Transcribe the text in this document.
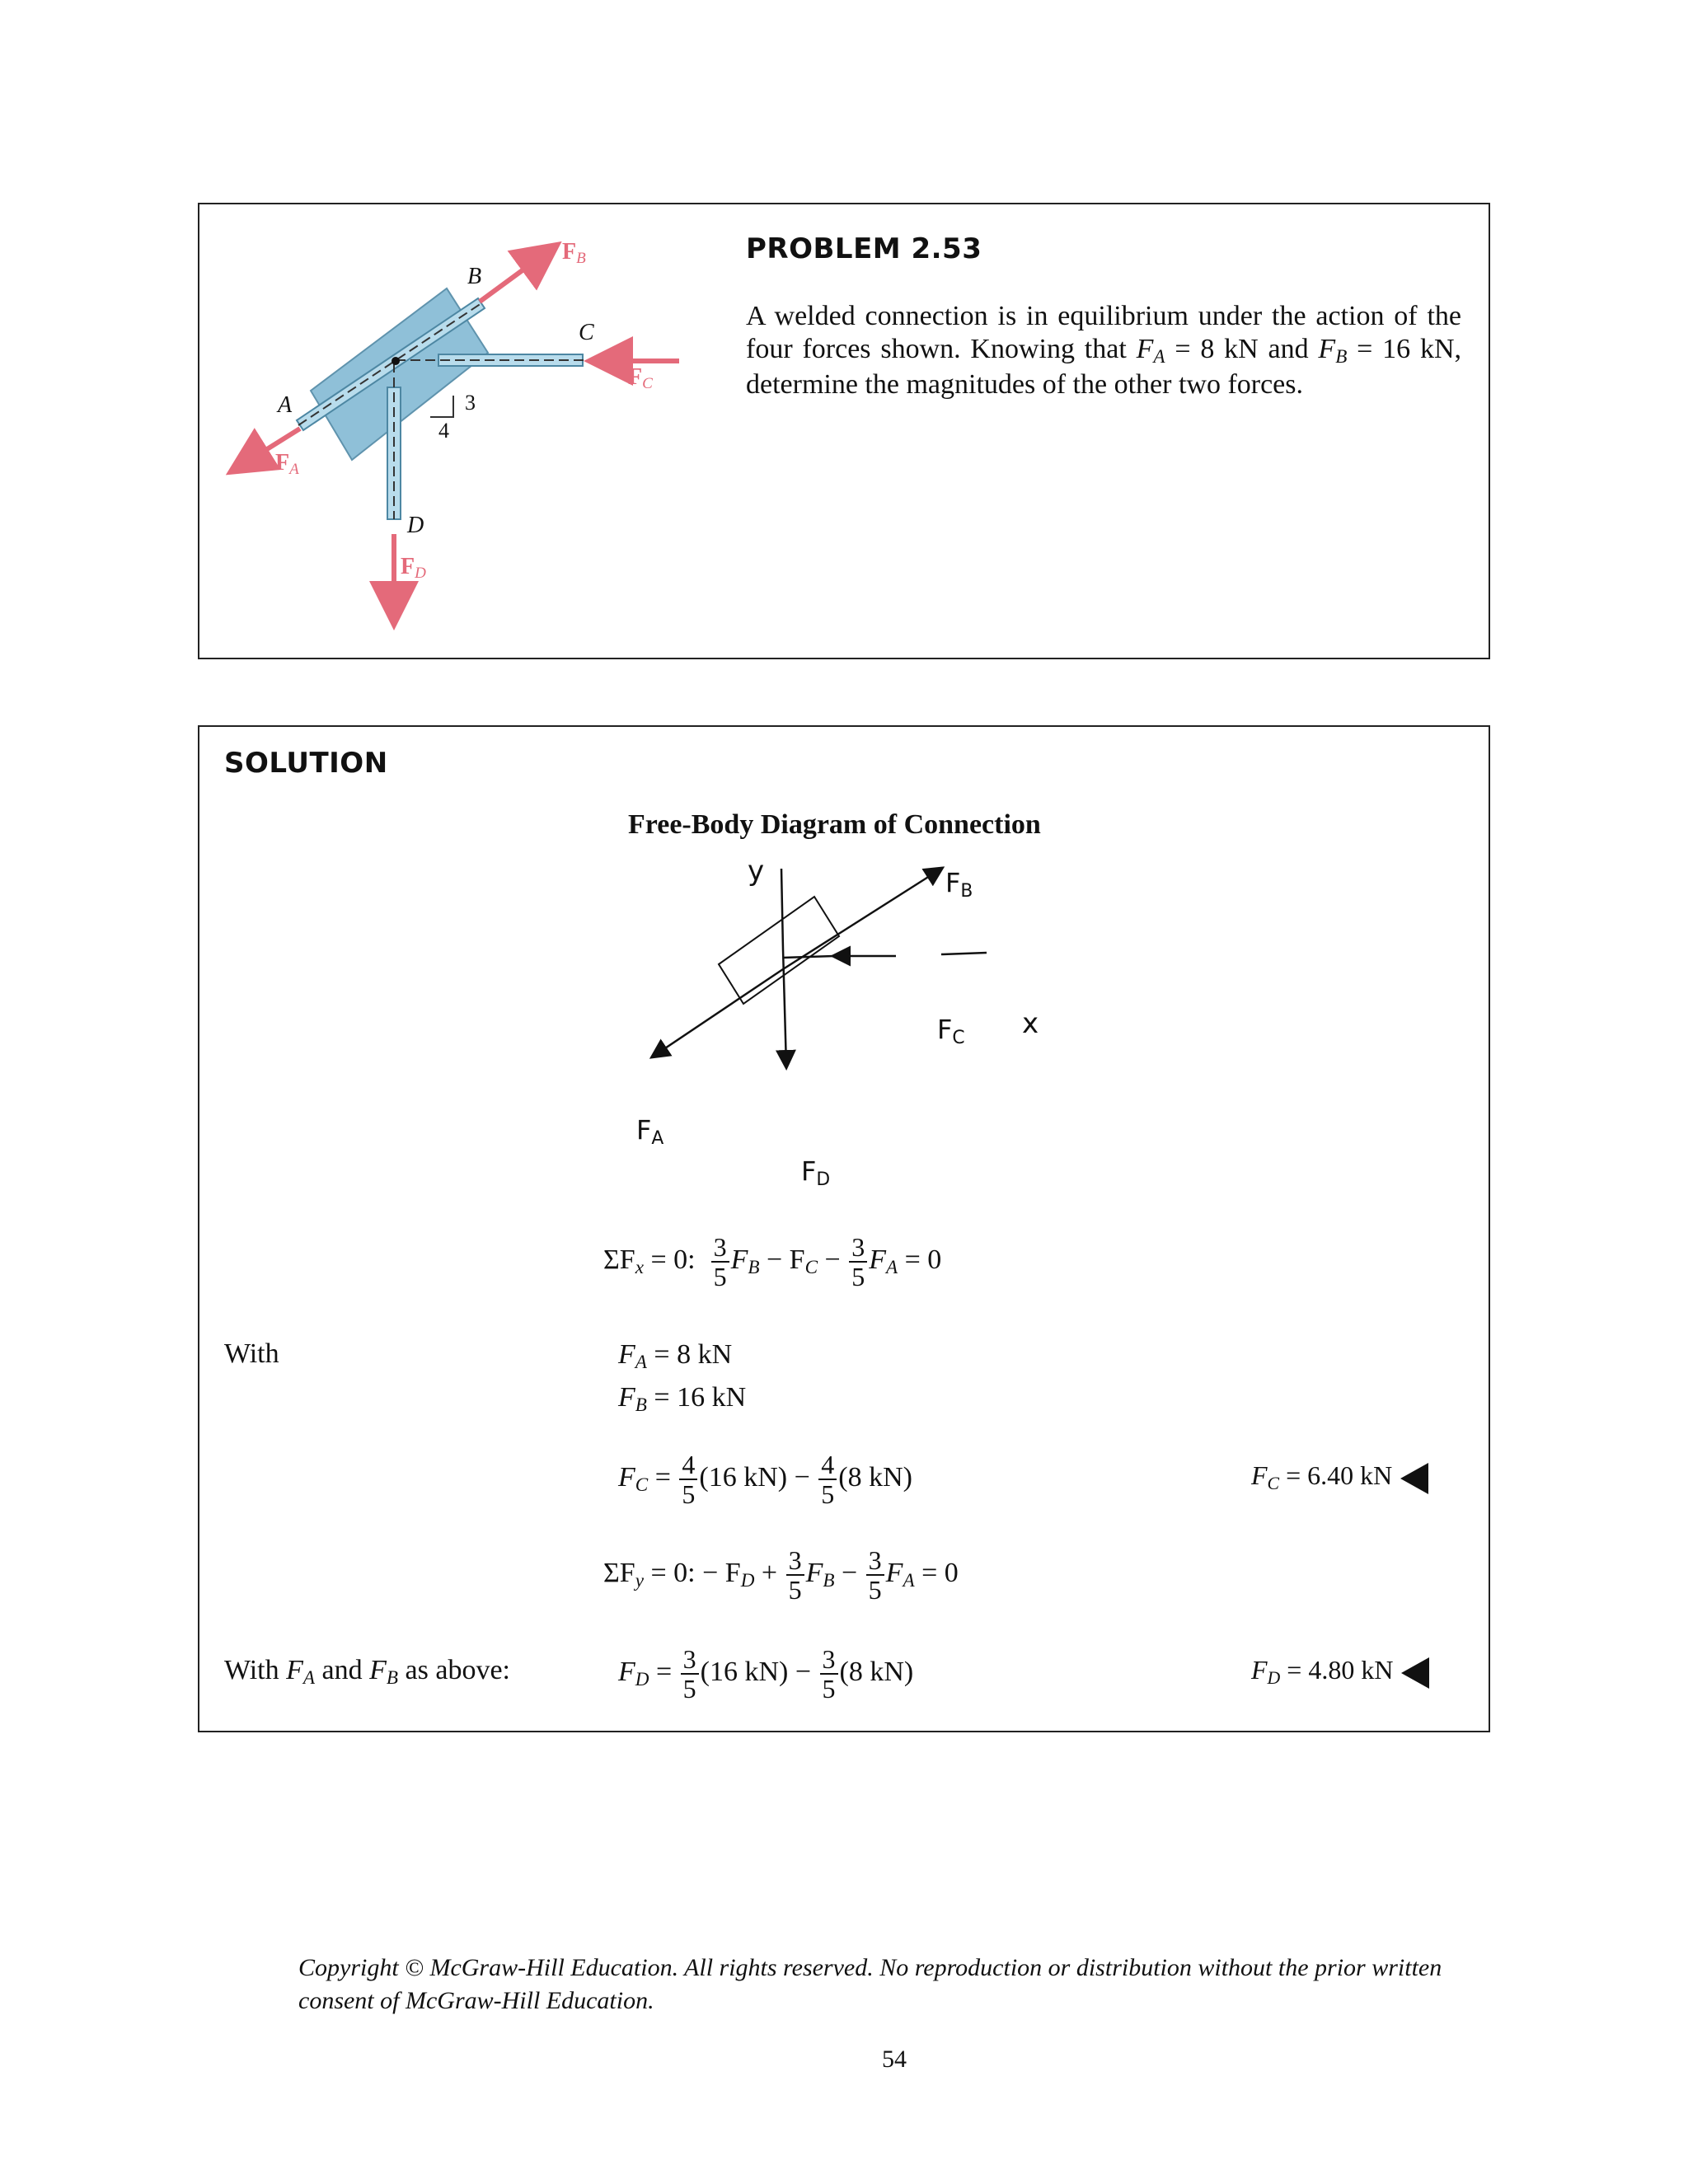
B
C
A
D
3
4
FB
FC
FA
FD
PROBLEM 2.53
A welded connection is in equilibrium under the action of the four forces shown. Knowing that FA = 8 kN and FB = 16 kN, determine the magnitudes of the other two forces.
SOLUTION
Free-Body Diagram of Connection
y
x
FB
FC
FA
FD
ΣFx = 0: $\frac{3}{5}$ FB − FC − $\frac{3}{5}$ FA = 0
With	FA = 8 kN
FB = 16 kN
FC = $\frac{4}{5} (16$ $kN) - \frac{4}{5} (8$ kN)	FC = 6.40 kN
ΣFy = 0: − FD + $\frac{3}{5}$ FB − $\frac{3}{5}$ FA = 0
With FA and FB as above:	FD = $\frac{3}{5} (16$ $kN) - \frac{3}{5} (8$ kN)	FD = 4.80 kN
Copyright © McGraw-Hill Education. All rights reserved. No reproduction or distribution without the prior written consent of McGraw-Hill Education.
54
